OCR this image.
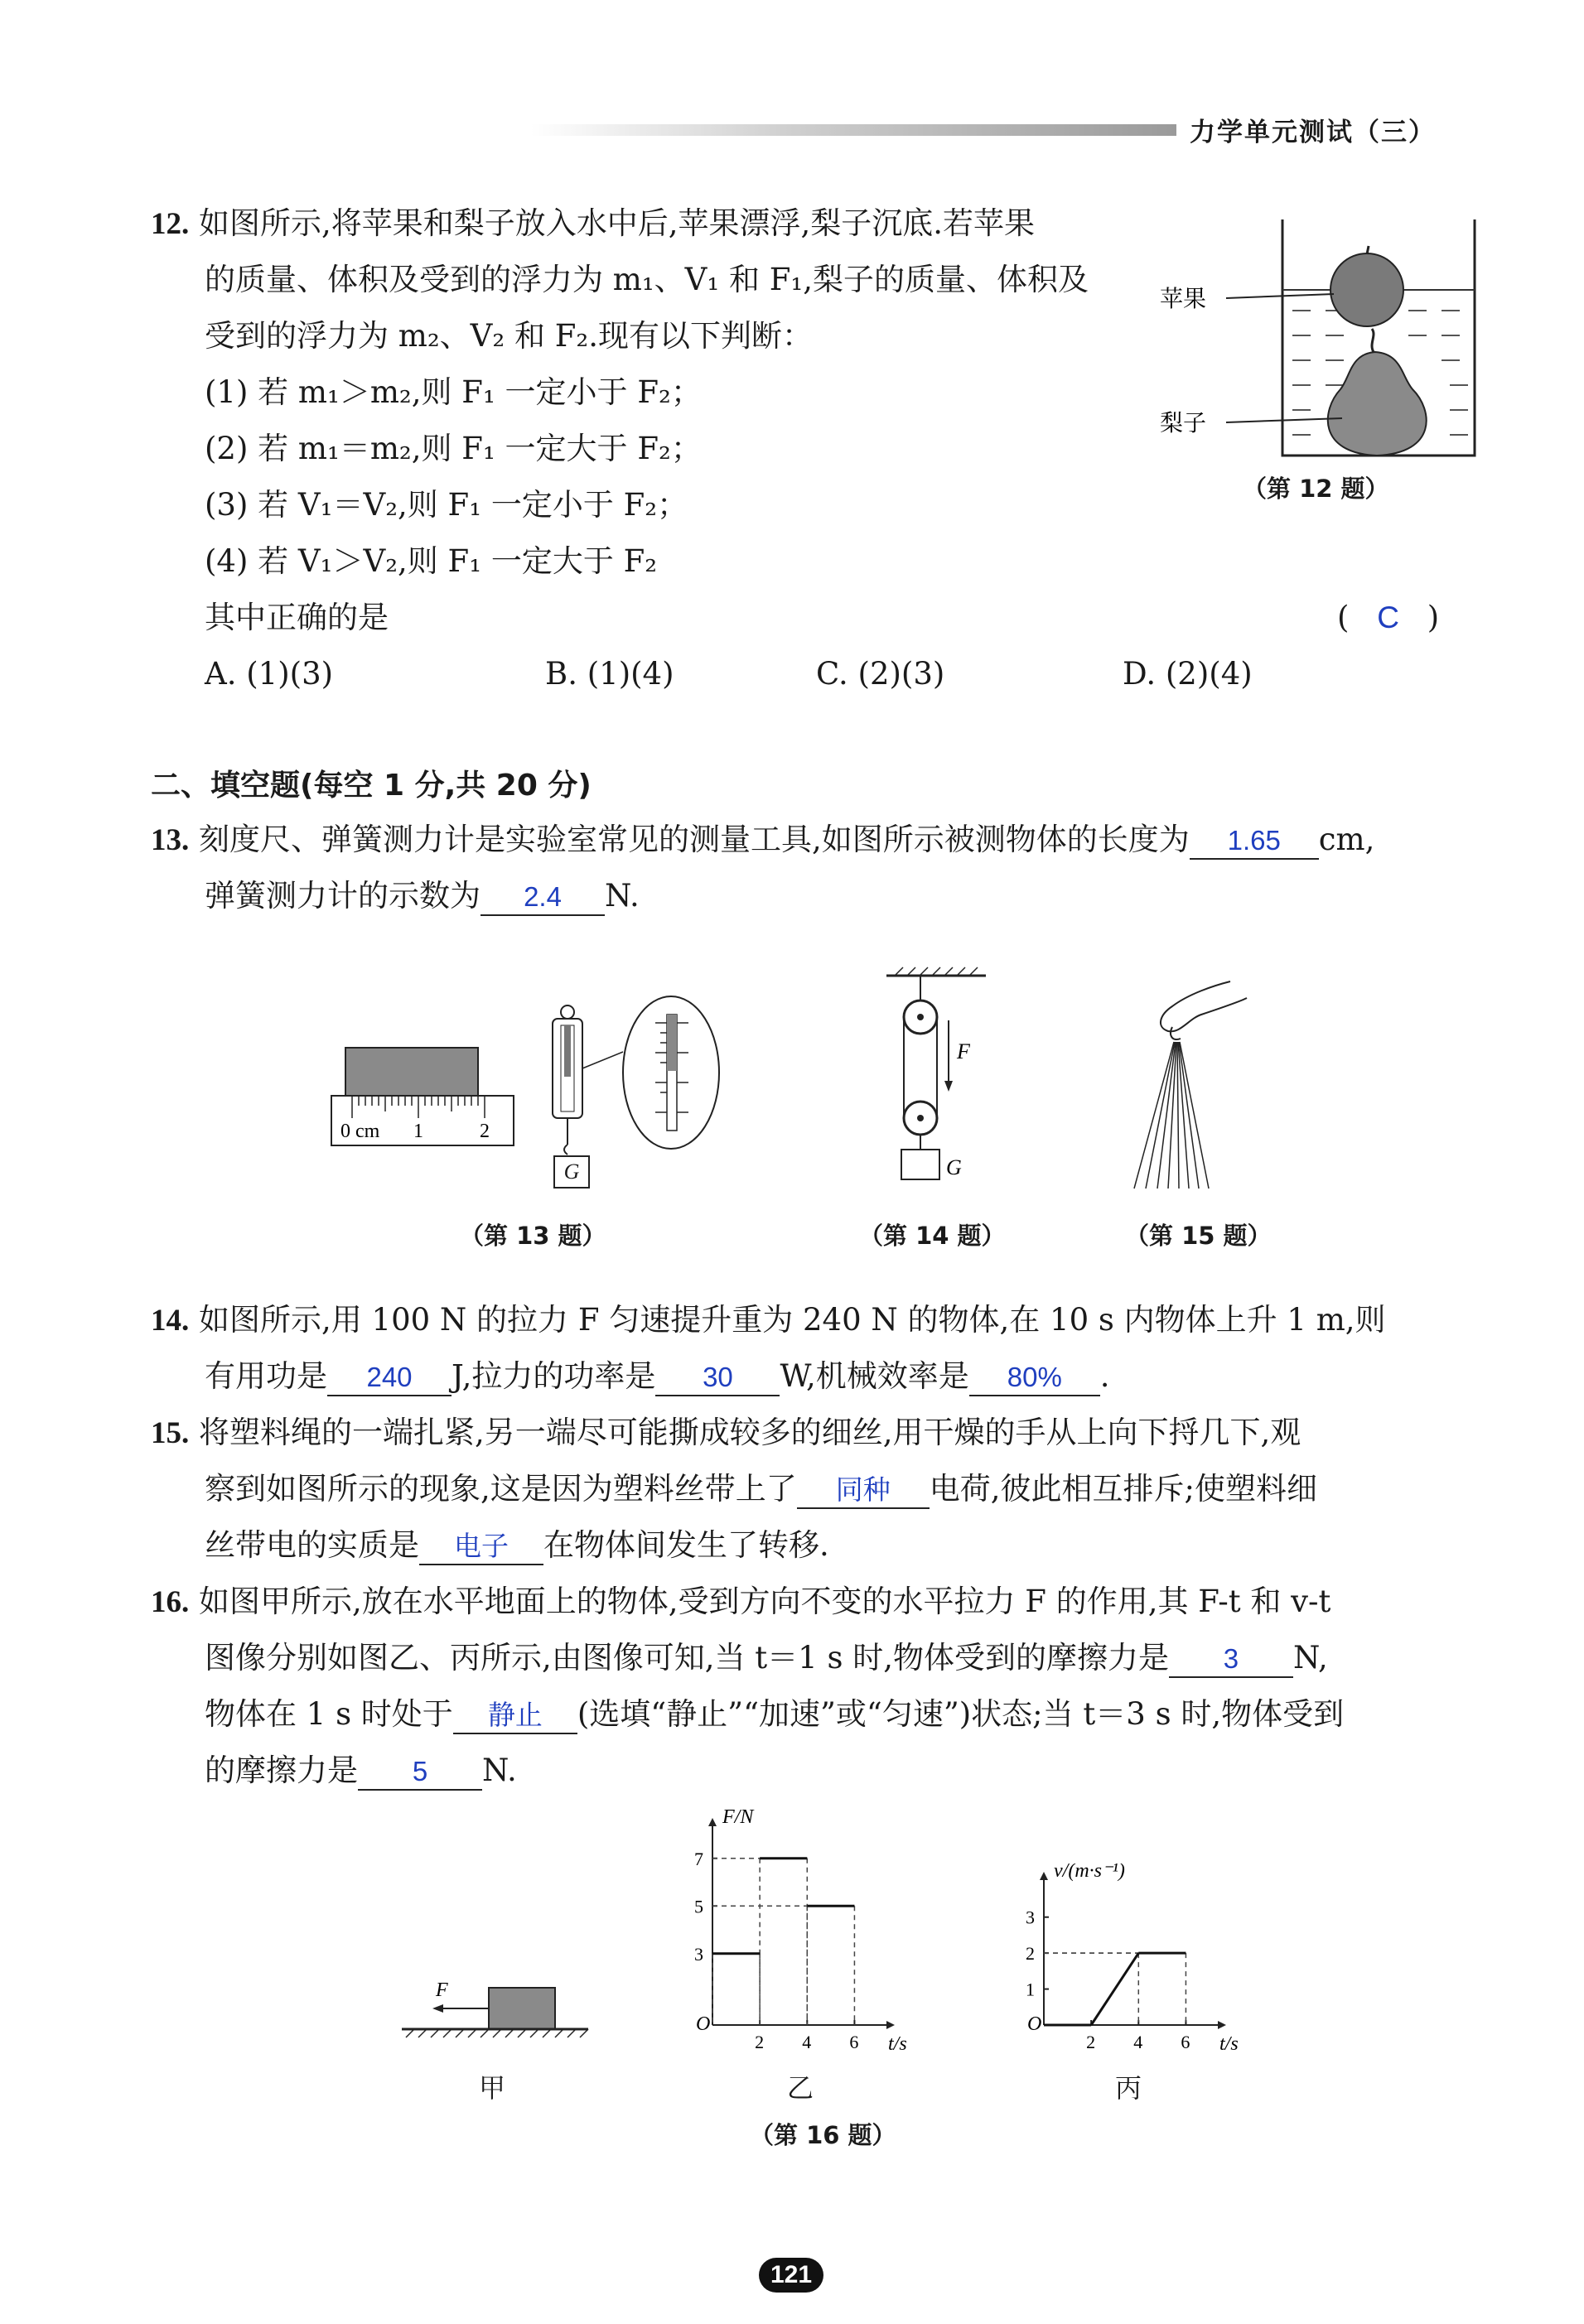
力学单元测试（三）
12. 如图所示,将苹果和梨子放入水中后,苹果漂浮,梨子沉底.若苹果
的质量、体积及受到的浮力为 m₁、V₁ 和 F₁,梨子的质量、体积及
受到的浮力为 m₂、V₂ 和 F₂.现有以下判断：
(1) 若 m₁＞m₂,则 F₁ 一定小于 F₂；
(2) 若 m₁＝m₂,则 F₁ 一定大于 F₂；
(3) 若 V₁＝V₂,则 F₁ 一定小于 F₂；
(4) 若 V₁＞V₂,则 F₁ 一定大于 F₂
其中正确的是	( C )
A. (1)(3)	B. (1)(4)	C. (2)(3)	D. (2)(4)
苹果
梨子
（第 12 题）
二、填空题(每空 1 分,共 20 分)
13. 刻度尺、弹簧测力计是实验室常见的测量工具,如图所示被测物体的长度为 1.65 cm,
弹簧测力计的示数为 2.4 N.
0 cm 1	2
G
（第 13 题）
F
G
（第 14 题）	（第 15 题）
14. 如图所示,用 100 N 的拉力 F 匀速提升重为 240 N 的物体,在 10 s 内物体上升 1 m,则
有用功是 240 J,拉力的功率是 30 W,机械效率是 80% .
15. 将塑料绳的一端扎紧,另一端尽可能撕成较多的细丝,用干燥的手从上向下捋几下,观
察到如图所示的现象,这是因为塑料丝带上了 同种 电荷,彼此相互排斥;使塑料细
丝带电的实质是 电子 在物体间发生了转移.
16. 如图甲所示,放在水平地面上的物体,受到方向不变的水平拉力 F 的作用,其 F-t 和 v-t
图像分别如图乙、丙所示,由图像可知,当 t＝1 s 时,物体受到的摩擦力是 3 N,
物体在 1 s 时处于 静止 (选填“静止”“加速”或“匀速”)状态;当 t＝3 s 时,物体受到
的摩擦力是 5 N.
F
O
t/s
F/N
2 4 6
3
5
7
O
t/s
v/(m·s⁻¹)
2 4 6
1
2
3
甲	乙	丙
（第 16 题）
121
